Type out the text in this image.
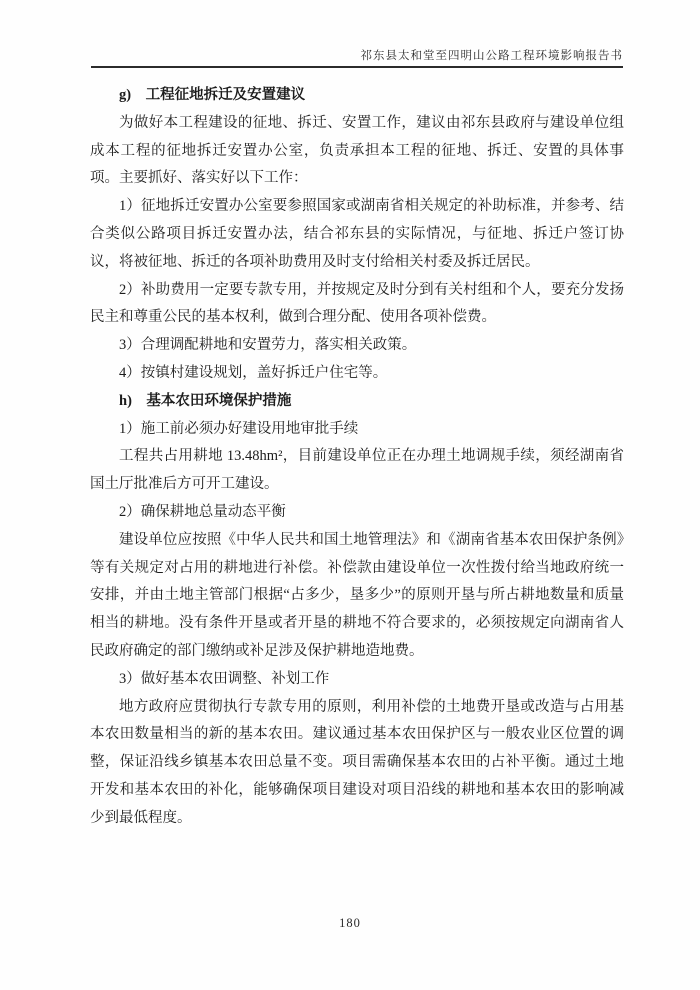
祁东县太和堂至四明山公路工程环境影响报告书
g)　工程征地拆迁及安置建议
为做好本工程建设的征地、拆迁、安置工作，建议由祁东县政府与建设单位组成本工程的征地拆迁安置办公室，负责承担本工程的征地、拆迁、安置的具体事项。主要抓好、落实好以下工作：
1）征地拆迁安置办公室要参照国家或湖南省相关规定的补助标准，并参考、结合类似公路项目拆迁安置办法，结合祁东县的实际情况，与征地、拆迁户签订协议，将被征地、拆迁的各项补助费用及时支付给相关村委及拆迁居民。
2）补助费用一定要专款专用，并按规定及时分到有关村组和个人，要充分发扬民主和尊重公民的基本权利，做到合理分配、使用各项补偿费。
3）合理调配耕地和安置劳力，落实相关政策。
4）按镇村建设规划，盖好拆迁户住宅等。
h)　基本农田环境保护措施
1）施工前必须办好建设用地审批手续
工程共占用耕地 13.48hm²，目前建设单位正在办理土地调规手续，须经湖南省国土厅批准后方可开工建设。
2）确保耕地总量动态平衡
建设单位应按照《中华人民共和国土地管理法》和《湖南省基本农田保护条例》等有关规定对占用的耕地进行补偿。补偿款由建设单位一次性拨付给当地政府统一安排，并由土地主管部门根据“占多少，垦多少”的原则开垦与所占耕地数量和质量相当的耕地。没有条件开垦或者开垦的耕地不符合要求的，必须按规定向湖南省人民政府确定的部门缴纳或补足涉及保护耕地造地费。
3）做好基本农田调整、补划工作
地方政府应贯彻执行专款专用的原则，利用补偿的土地费开垦或改造与占用基本农田数量相当的新的基本农田。建议通过基本农田保护区与一般农业区位置的调整，保证沿线乡镇基本农田总量不变。项目需确保基本农田的占补平衡。通过土地开发和基本农田的补化，能够确保项目建设对项目沿线的耕地和基本农田的影响减少到最低程度。
180
